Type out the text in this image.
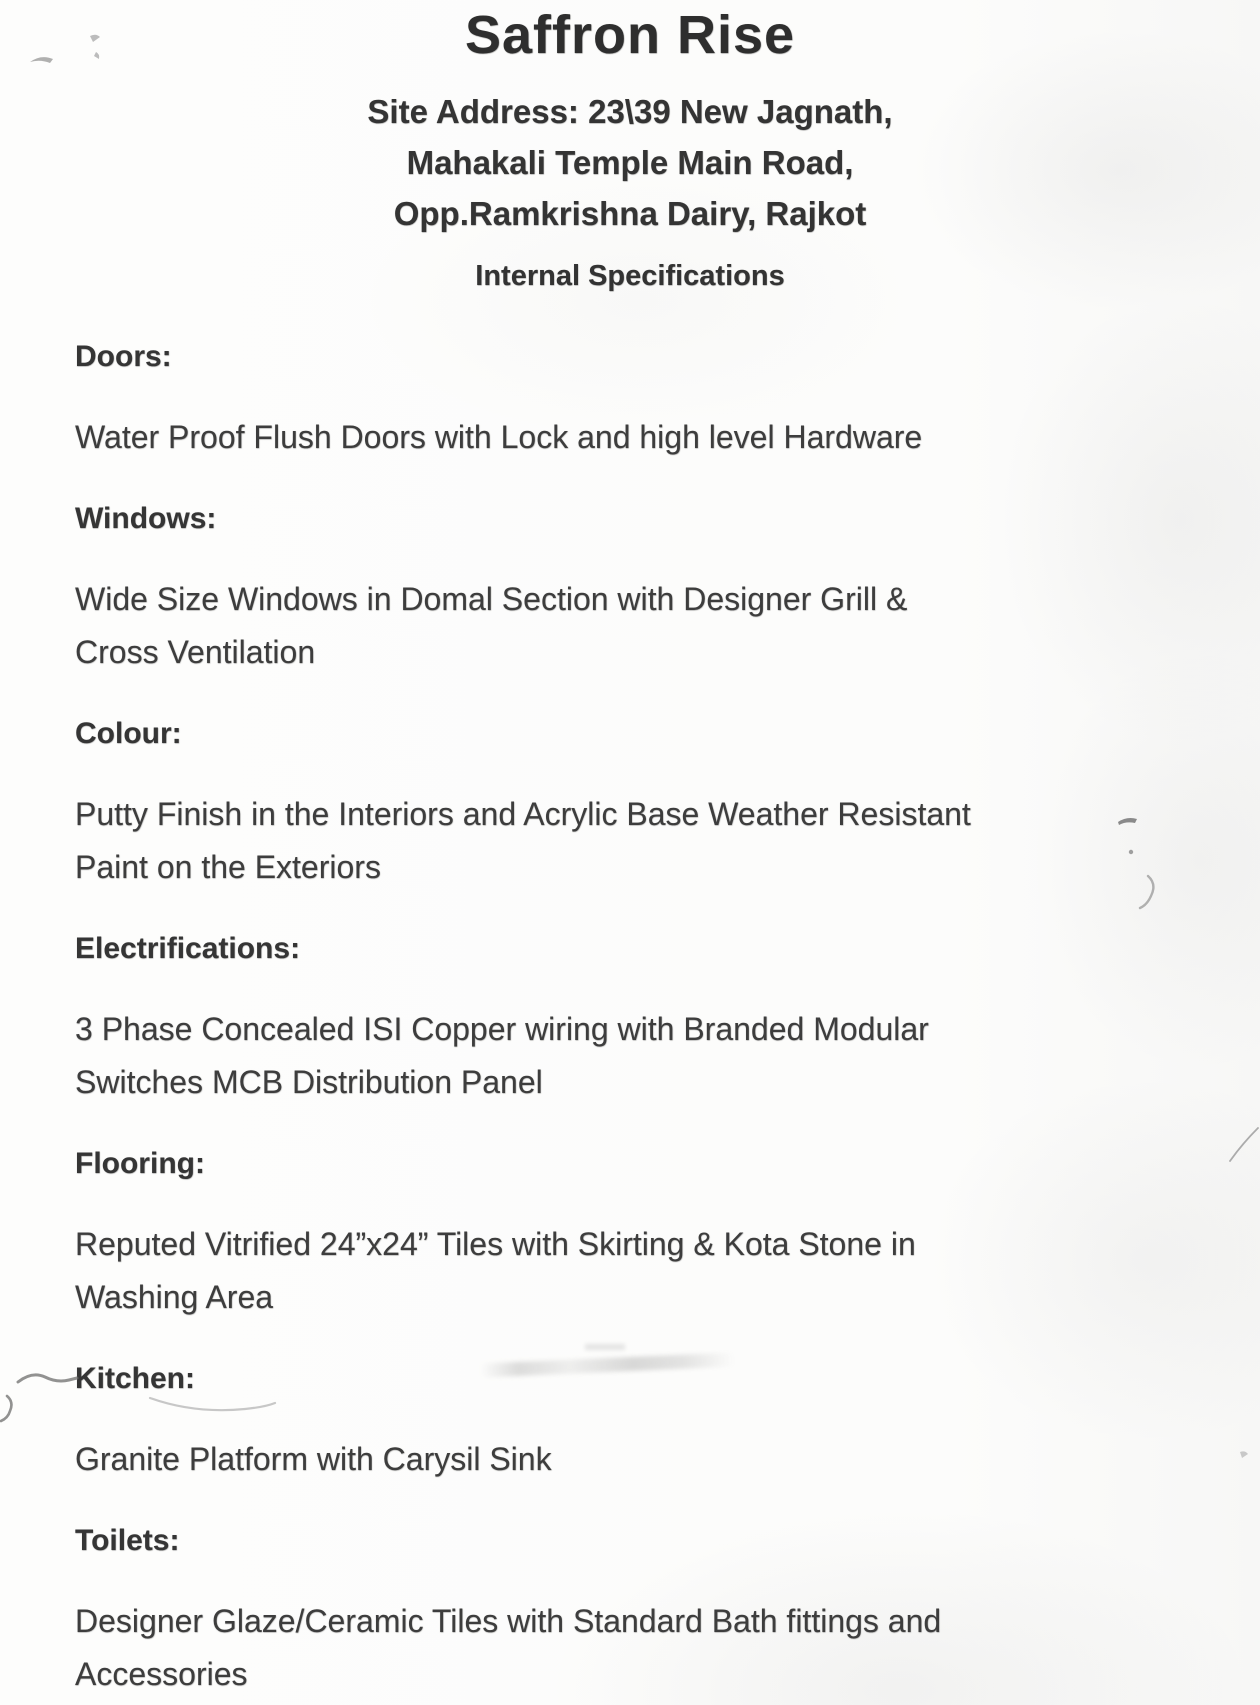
Saffron Rise
Site Address: 23\39 New Jagnath,
Mahakali Temple Main Road,
Opp.Ramkrishna Dairy, Rajkot
Internal Specifications
Doors:
Water Proof Flush Doors with Lock and high level Hardware
Windows:
Wide Size Windows in Domal Section with Designer Grill &
Cross Ventilation
Colour:
Putty Finish in the Interiors and Acrylic Base Weather Resistant
Paint on the Exteriors
Electrifications:
3 Phase Concealed ISI Copper wiring with Branded Modular
Switches MCB Distribution Panel
Flooring:
Reputed Vitrified 24”x24” Tiles with Skirting & Kota Stone in
Washing Area
Kitchen:
Granite Platform with Carysil Sink
Toilets:
Designer Glaze/Ceramic Tiles with Standard Bath fittings and
Accessories
